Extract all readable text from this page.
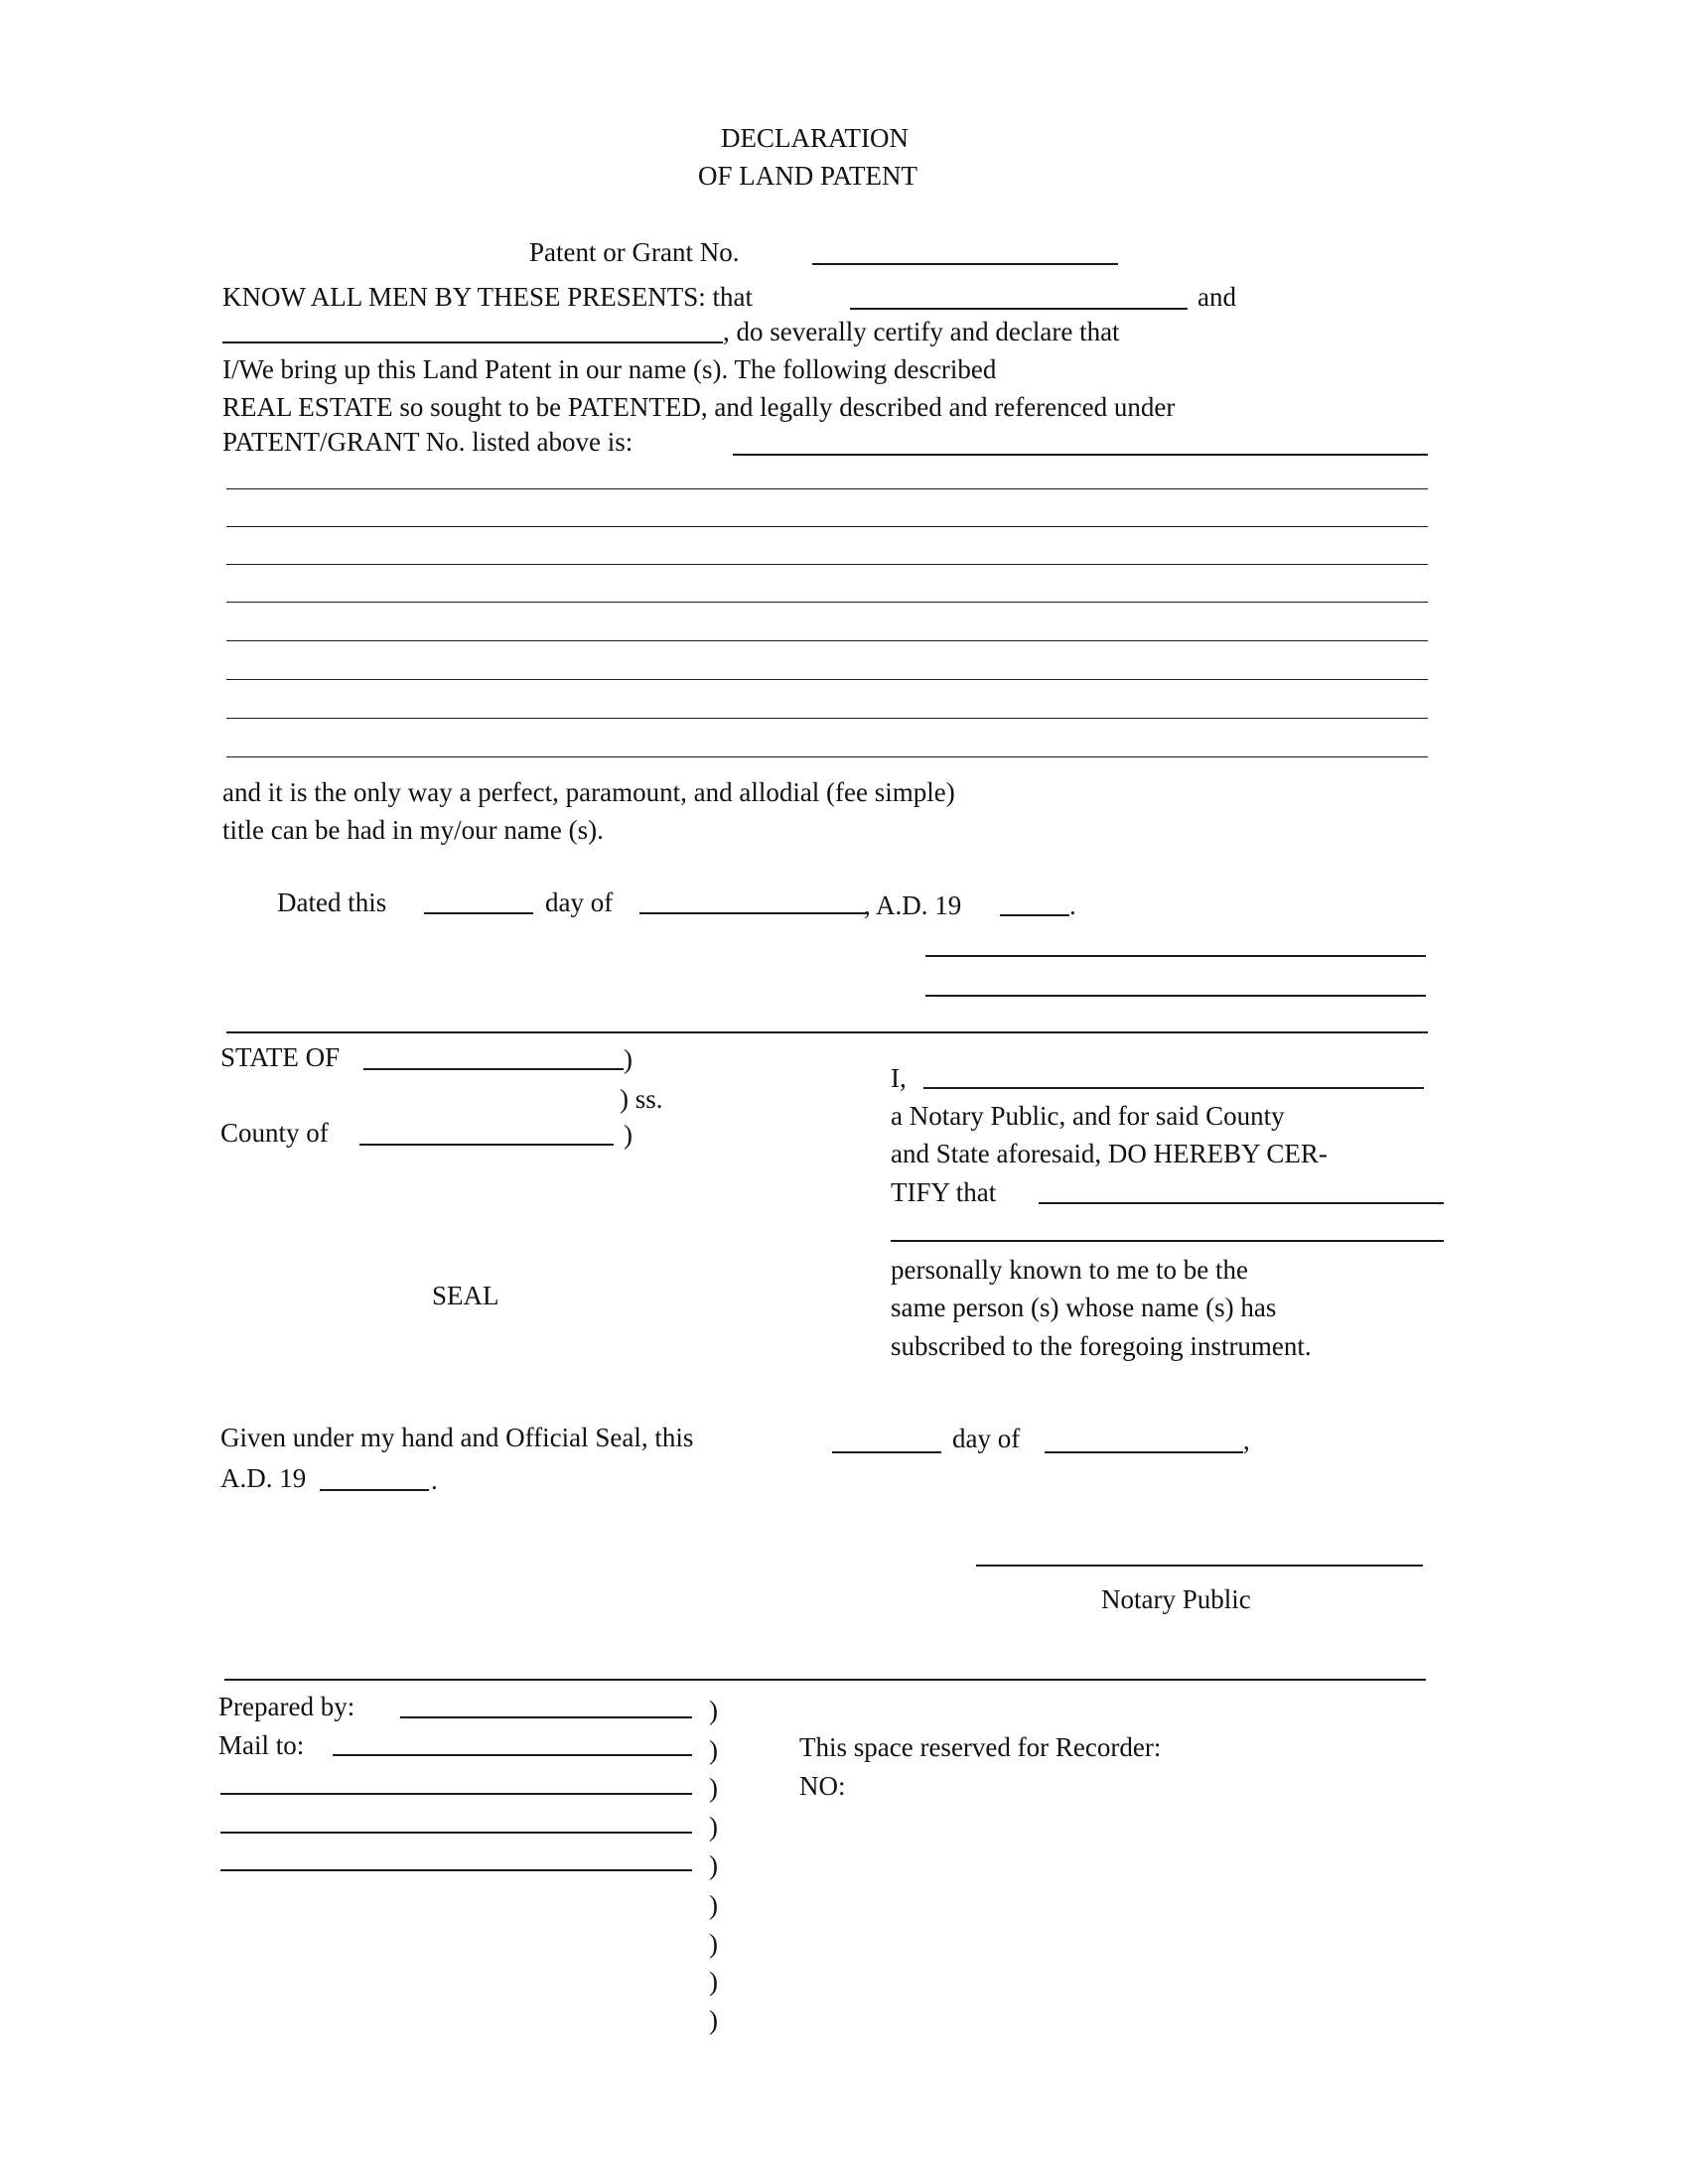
DECLARATION
OF LAND PATENT
Patent or Grant No.
KNOW ALL MEN BY THESE PRESENTS: that	and
, do severally certify and declare that
I/We bring up this Land Patent in our name (s). The following described
REAL ESTATE so sought to be PATENTED, and legally described and referenced under
PATENT/GRANT No. listed above is:
and it is the only way a perfect, paramount, and allodial (fee simple)
title can be had in my/our name (s).
Dated this	day of	, A.D. 19	.
STATE OF	)
) ss.
County of	)
SEAL
I,
a Notary Public, and for said County
and State aforesaid, DO HEREBY CER-
TIFY that
personally known to me to be the
same person (s) whose name (s) has
subscribed to the foregoing instrument.
Given under my hand and Official Seal, this	day of	,
A.D. 19	.
Notary Public
Prepared by:	)
Mail to:	)
)
)
)
)
)
)
)
This space reserved for Recorder:
NO:
